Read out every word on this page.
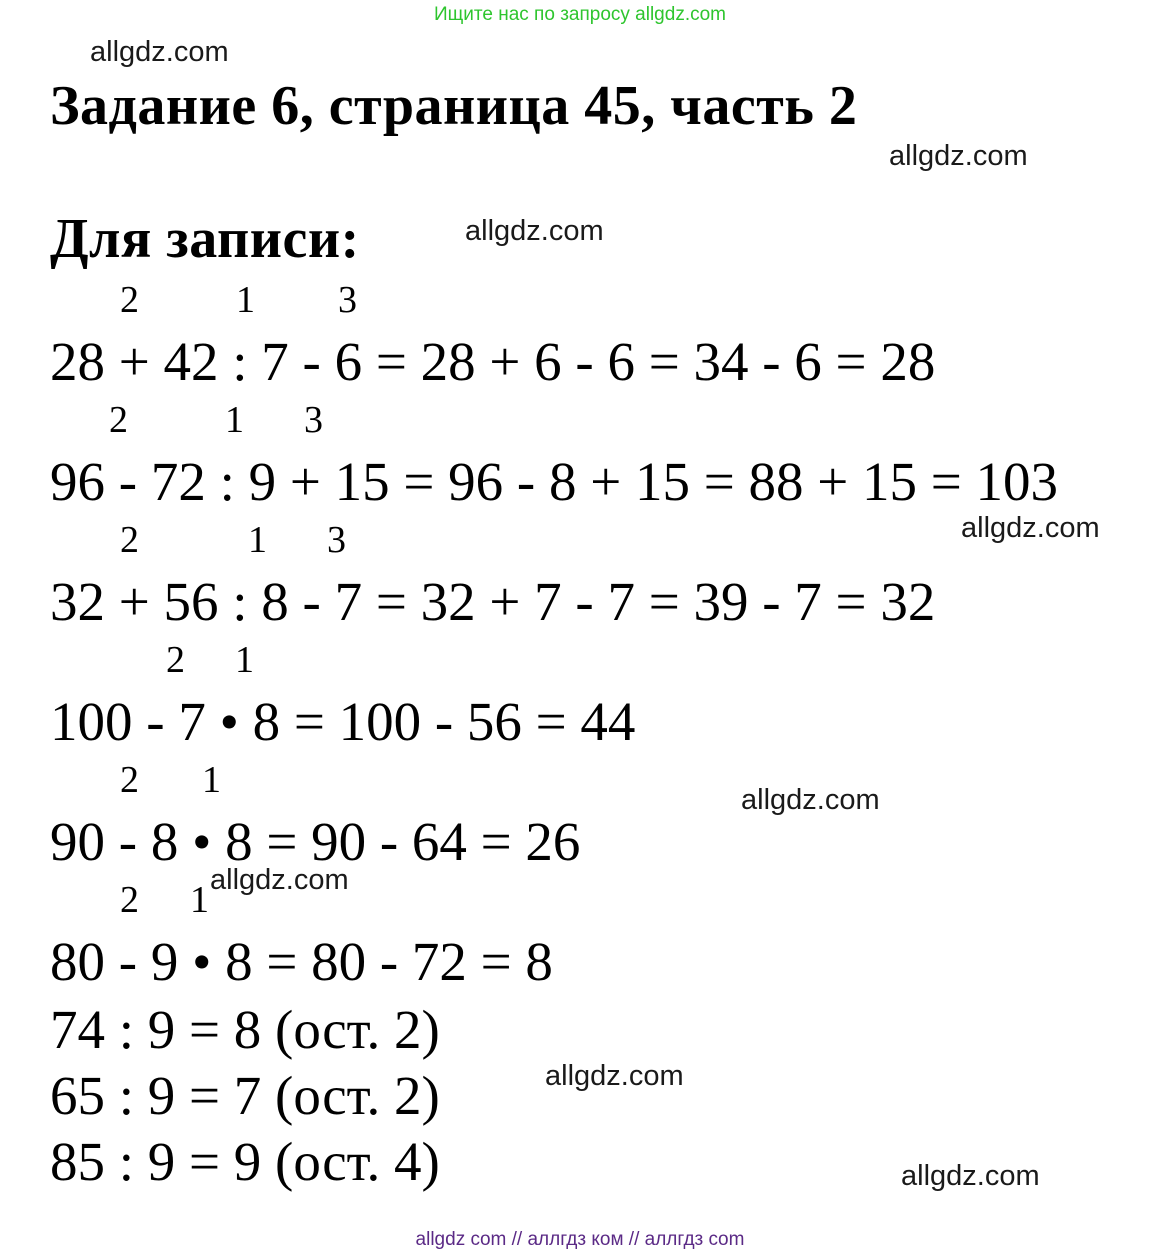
Ищите нас по запросу allgdz.com
allgdz.com
Задание 6, страница 45, часть 2
allgdz.com
Для записи:	allgdz.com
2	1 3
28 + 42 : 7 - 6 = 28 + 6 - 6 = 34 - 6 = 28
2	1 3
96 - 72 : 9 + 15 = 96 - 8 + 15 = 88 + 15 = 103
allgdz.com
2	1 3
32 + 56 : 8 - 7 = 32 + 7 - 7 = 39 - 7 = 32
2 1
100 - 7 • 8 = 100 - 56 = 44
2 1	allgdz.com
90 - 8 • 8 = 90 - 64 = 26
2 1 allgdz.com
80 - 9 • 8 = 80 - 72 = 8
74 : 9 = 8 (ост. 2)
allgdz.com
65 : 9 = 7 (ост. 2)
85 : 9 = 9 (ост. 4)	allgdz.com
allgdz com // аллгдз ком // аллгдз com
